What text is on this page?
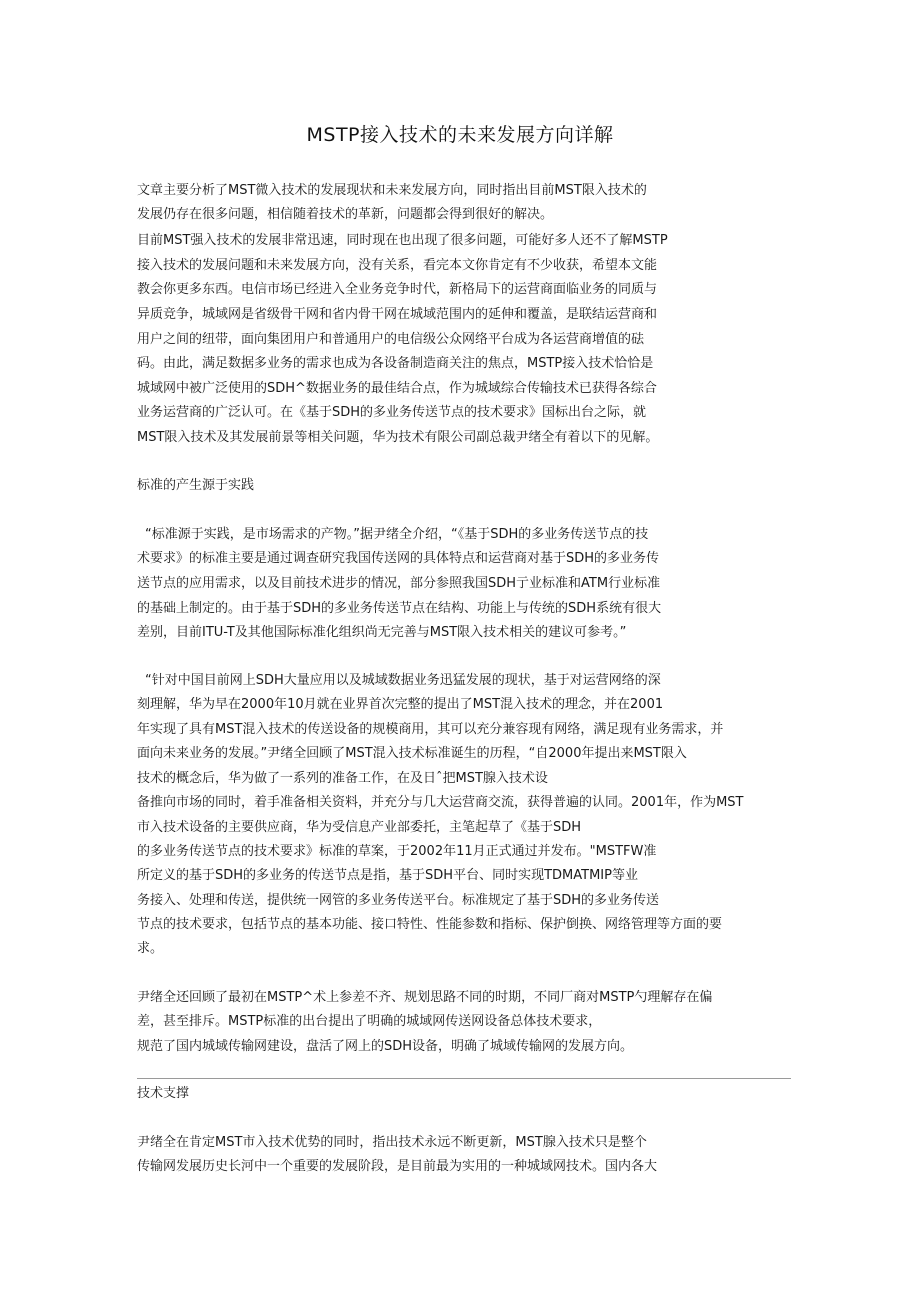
MSTP接入技术的未来发展方向详解
文章主要分析了MST微入技术的发展现状和未来发展方向，同时指出目前MST限入技术的
发展仍存在很多问题，相信随着技术的革新，问题都会得到很好的解决。
目前MST强入技术的发展非常迅速，同时现在也出现了很多问题，可能好多人还不了解MSTP
接入技术的发展问题和未来发展方向，没有关系，看完本文你肯定有不少收获，希望本文能
教会你更多东西。电信市场已经进入全业务竞争时代，新格局下的运营商面临业务的同质与
异质竞争，城域网是省级骨干网和省内骨干网在城域范围内的延伸和覆盖，是联结运营商和
用户之间的纽带，面向集团用户和普通用户的电信级公众网络平台成为各运营商增值的砝
码。由此，满足数据多业务的需求也成为各设备制造商关注的焦点，MSTP接入技术恰恰是
城域网中被广泛使用的SDH^数据业务的最佳结合点，作为城域综合传输技术已获得各综合
业务运营商的广泛认可。在《基于SDH的多业务传送节点的技术要求》国标出台之际，就
MST限入技术及其发展前景等相关问题，华为技术有限公司副总裁尹绪全有着以下的见解。
标准的产生源于实践
“标准源于实践，是市场需求的产物。”据尹绪全介绍，“《基于SDH的多业务传送节点的技
术要求》的标准主要是通过调查研究我国传送网的具体特点和运营商对基于SDH的多业务传
送节点的应用需求，以及目前技术进步的情况，部分参照我国SDH亍业标准和ATM行业标准
的基础上制定的。由于基于SDH的多业务传送节点在结构、功能上与传统的SDH系统有很大
差别，目前ITU-T及其他国际标准化组织尚无完善与MST限入技术相关的建议可参考。”
“针对中国目前网上SDH大量应用以及城域数据业务迅猛发展的现状，基于对运营网络的深
刻理解，华为早在2000年10月就在业界首次完整的提出了MST混入技术的理念，并在2001
年实现了具有MST混入技术的传送设备的规模商用，其可以充分兼容现有网络，满足现有业务需求，并
面向未来业务的发展。”尹绪全回顾了MST混入技术标准诞生的历程，“自2000年提出来MST限入
技术的概念后，华为做了一系列的准备工作，在及日ˆ把MST腺入技术设
备推向市场的同时，着手准备相关资料，并充分与几大运营商交流，获得普遍的认同。2001年，作为MST
市入技术设备的主要供应商，华为受信息产业部委托，主笔起草了《基于SDH
的多业务传送节点的技术要求》标准的草案，于2002年11月正式通过并发布。"MSTFW准
所定义的基于SDH的多业务的传送节点是指，基于SDH平台、同时实现TDMATMIP等业
务接入、处理和传送，提供统一网管的多业务传送平台。标准规定了基于SDH的多业务传送
节点的技术要求，包括节点的基本功能、接口特性、性能参数和指标、保护倒换、网络管理等方面的要
求。
尹绪全还回顾了最初在MSTP^术上参差不齐、规划思路不同的时期，不同厂商对MSTP勺理解存在偏
差，甚至排斥。MSTP标准的出台提出了明确的城域网传送网设备总体技术要求，
规范了国内城域传输网建设，盘活了网上的SDH设备，明确了城域传输网的发展方向。
技术支撑
尹绪全在肯定MST市入技术优势的同时，指出技术永远不断更新，MST腺入技术只是整个
传输网发展历史长河中一个重要的发展阶段，是目前最为实用的一种城域网技术。国内各大
